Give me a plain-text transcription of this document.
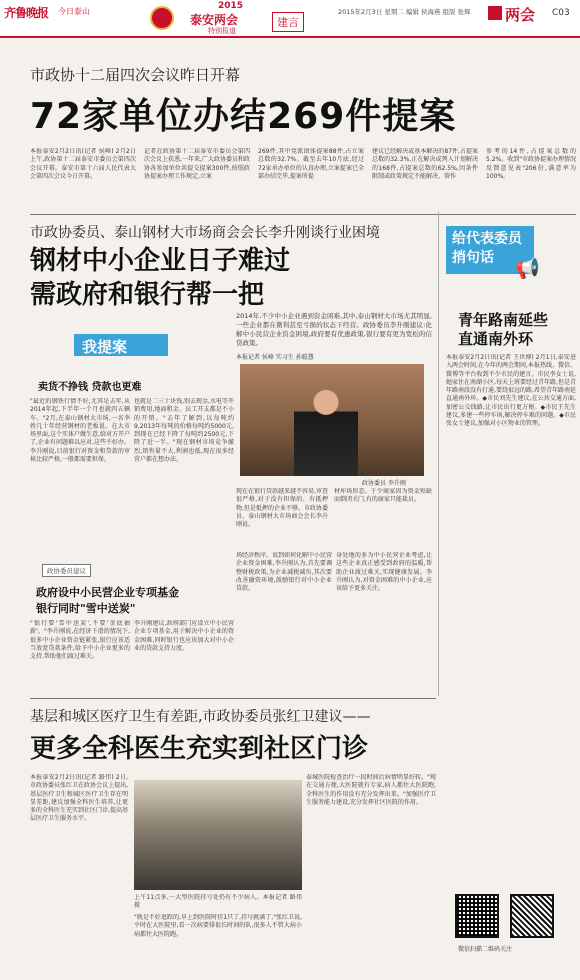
齐鲁晚报 今日泰山
2015
泰安两会
特别报道
建言
2015年2月3日 星期二 编辑 侯海燕 组版 张辉 两会 C03
市政协十二届四次会议昨日开幕
72家单位办结269件提案
本报泰安2月2日讯(记者 侯峰) 2月2日上午,政协第十二届泰安市委员会第四次会议开幕。泰安市第十六届人民代表大会第四次会议今日开幕。
记者在政协第十二届泰安市委员会第四次会议上获悉,一年来,广大政协委员和政协各参加单位共提交提案300件,按照政协提案办理工作规定,立案
269件,其中党派团体提案88件,占立案总数的32.7%。截至去年10月底,经过72家承办单位的认真办理,立案提案已全部办结完毕,提案所提
建议已经解决或基本解决的87件,占提案总数的32.3%,正在解决或列入计划解决的168件,占提案总数的62.5%,因条件限制或政策规定不能解决、留作
参考的14件,占提案总数的5.2%。收到"市政协提案办理情况反馈意见表"206份,满意率为100%。
市政协委员、泰山钢材大市场商会会长李升刚谈行业困境
钢材中小企业日子难过
需政府和银行帮一把
2014年,不少中小企业遇到资金困难,其中,泰山钢材大市场尤其明显,一些企业都在微利甚至亏损的状态下经营。政协委员李升刚建议:化解中小民营企业资金困境,政府要有优惠政策,银行要有更为宽松的信贷政策。
我提案
本报记者 侯峰 实习生 孙聪慧
卖货不挣钱 贷款也更难
"最近的钢铁行情不好,尤其是去年,从2014年起,下半年一个月也就四五辆车。"2月,在泰山钢材大市场,一名李姓几十年经营钢材的老板说。在大市场里面,这个实体户做生意,给对方开户了,企业有问题难以应对,这些不好办。李升刚说,目前银行对资金和贷款的审核比较严格,一般都需要担保。
也就是二三十块钱,别去现金,水电等开销费用,地面租金、员工开支都是不小的开销。"去年了解到,以每吨约9,2013年每吨的价格每吨约5000元,到现在已经下降了每吨约2500元,下降了近一半。"现在钢材市场竞争激烈,销售量不大,利润也低,现在很多经营户都在想办法。
政协委员 李升刚
现在在银行贷款越来越不容易,审查很严格,对于没有担保的、有抵押物,但是抵押的企业不够。市政协委员、泰山钢材大市场商会会长李升刚说。
材库场形态。于少商家因为资金短缺而倒闭关门,有的商家只能裁员。
政协委员建议
政府设中小民营企业专项基金
银行同时"雪中送炭"
"银行要'雪中送炭',不要'釜底抽薪'。"李升刚说,在经济下滑的情况下,很多中小企业资金链紧张,银行应该适当放宽贷款条件,给予中小企业更多的支持,帮助他们渡过难关。
李升刚建议,政府部门应设立中小民营企业专项基金,用于解决中小企业的资金困难,同时银行也应该加大对中小企业的贷款支持力度。
场经济秩序。说到如何化解中小民营企业资金困难,李升刚认为,首先要调整财税政策,为企业减税减负,其次要改善融资环境,鼓励银行对中小企业贷款。
身处地的多为中小民营企业考虑,让这些企业真正感受到政府的温暖,帮助企业渡过难关,实现健康发展。李升刚认为,对资金困难的中小企业,应该给予更多关注。
给代表委员
捎句话	📢
青年路南延些
直通南外环
本报泰安2月2日讯(记者 王世博) 2月1日,泰安进入两会时间,在今年的两会期间,本报热线、微信、微博等平台收到不少市民的建言。市民李女士说,她家住在南湖小区,每天上班要经过青年路,但是青年路南段没有打通,要绕很远的路,希望青年路南延直通南外环。◆市民刘先生建议,在公共交通方面,加密公交线路,让市民出行更方便。◆市民王先生建议,多建一些停车场,解决停车难的问题。◆市民张女士建议,加强对小区物业的管理。
微信扫描二维码关注
基层和城区医疗卫生有差距,市政协委员张红卫建议——
更多全科医生充实到社区门诊
本报泰安2月2日讯(记者 路伟) 2日,市政协委员张红卫在政协会议上提出,基层医疗卫生和城区医疗卫生存在明显差距,建议加强全科医生培养,让更多的全科医生充实到社区门诊,提高基层医疗卫生服务水平。
上午11点多,一大型医院挂号处仍有不少病人。本报记者 路伟 摄
"就是不好追踪的,早上到医院时挂1只了,挂号就满了,"张红卫说,平时在大医院里,看一次病要排很长时间的队,很多人不管大病小病都往大医院跑。
泰城医院检查治疗一段时间后病情明显好转。"现在交通方便,大医院就有专家,病人都往大医院跑,全科医生的作用没有充分发挥出来。"加强医疗卫生服务能力建设,充分发挥社区医院的作用。
